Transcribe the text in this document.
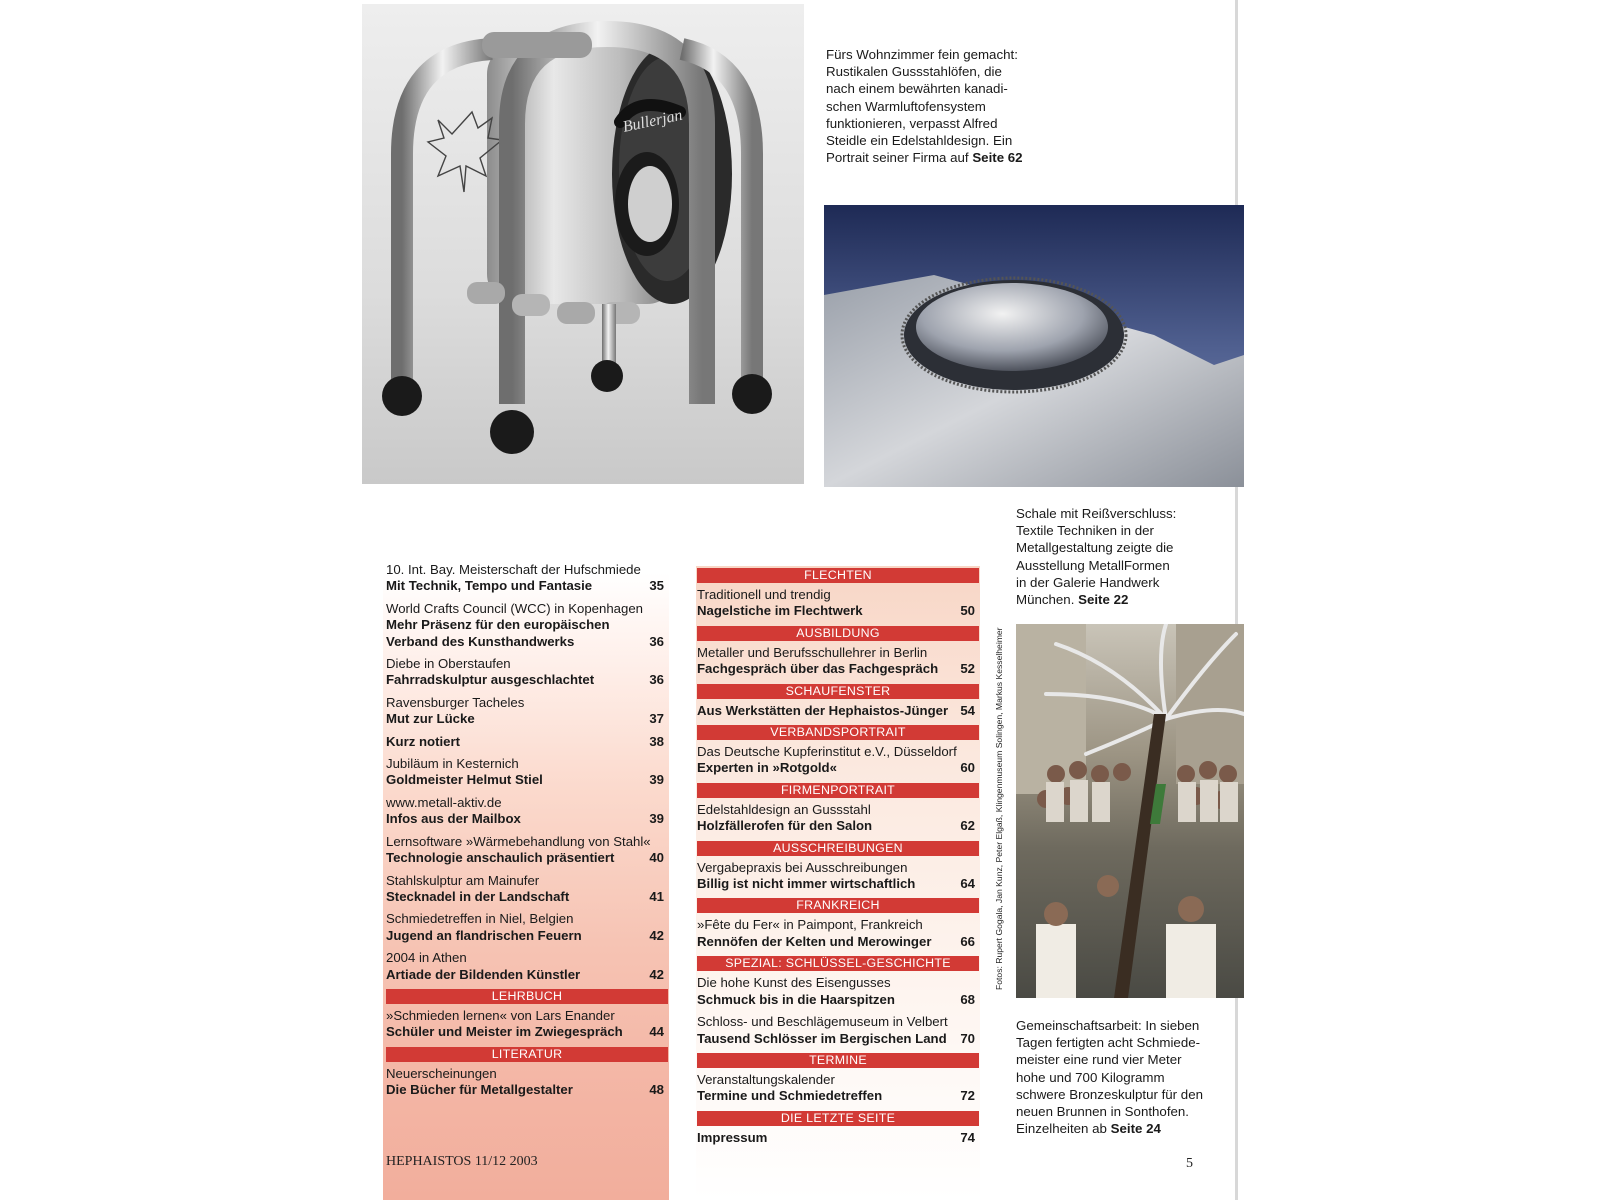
Bullerjan
Fürs Wohnzimmer fein gemacht:
Rustikalen Gussstahlöfen, die
nach einem bewährten kanadi-
schen Warmluftofensystem
funktionieren, verpasst Alfred
Steidle ein Edelstahldesign. Ein
Portrait seiner Firma auf Seite 62
Schale mit Reißverschluss:
Textile Techniken in der
Metallgestaltung zeigte die
Ausstellung MetallFormen
in der Galerie Handwerk
München. Seite 22
Gemeinschaftsarbeit: In sieben
Tagen fertigten acht Schmiede-
meister eine rund vier Meter
hohe und 700 Kilogramm
schwere Bronzeskulptur für den
neuen Brunnen in Sonthofen.
Einzelheiten ab Seite 24
10. Int. Bay. Meisterschaft der Hufschmiede
Mit Technik, Tempo und Fantasie	35
World Crafts Council (WCC) in Kopenhagen
Mehr Präsenz für den europäischen Verband des Kunsthandwerks	36
Diebe in Oberstaufen
Fahrradskulptur ausgeschlachtet	36
Ravensburger Tacheles
Mut zur Lücke	37
Kurz notiert	38
Jubiläum in Kesternich
Goldmeister Helmut Stiel	39
www.metall-aktiv.de
Infos aus der Mailbox	39
Lernsoftware »Wärmebehandlung von Stahl«
Technologie anschaulich präsentiert	40
Stahlskulptur am Mainufer
Stecknadel in der Landschaft	41
Schmiedetreffen in Niel, Belgien
Jugend an flandrischen Feuern	42
2004 in Athen
Artiade der Bildenden Künstler	42
LEHRBUCH
»Schmieden lernen« von Lars Enander
Schüler und Meister im Zwiegespräch	44
LITERATUR
Neuerscheinungen
Die Bücher für Metallgestalter	48
FLECHTEN
Traditionell und trendig
Nagelstiche im Flechtwerk	50
AUSBILDUNG
Metaller und Berufsschullehrer in Berlin
Fachgespräch über das Fachgespräch	52
SCHAUFENSTER
Aus Werkstätten der Hephaistos-Jünger 54
VERBANDSPORTRAIT
Das Deutsche Kupferinstitut e.V., Düsseldorf
Experten in »Rotgold«	60
FIRMENPORTRAIT
Edelstahldesign an Gussstahl
Holzfällerofen für den Salon	62
AUSSCHREIBUNGEN
Vergabepraxis bei Ausschreibungen
Billig ist nicht immer wirtschaftlich	64
FRANKREICH
»Fête du Fer« in Paimpont, Frankreich
Rennöfen der Kelten und Merowinger	66
SPEZIAL: SCHLÜSSEL-GESCHICHTE
Die hohe Kunst des Eisengusses
Schmuck bis in die Haarspitzen	68
Schloss- und Beschlägemuseum in Velbert
Tausend Schlösser im Bergischen Land	70
TERMINE
Veranstaltungskalender
Termine und Schmiedetreffen	72
DIE LETZTE SEITE
Impressum	74
HEPHAISTOS 11/12 2003	5
